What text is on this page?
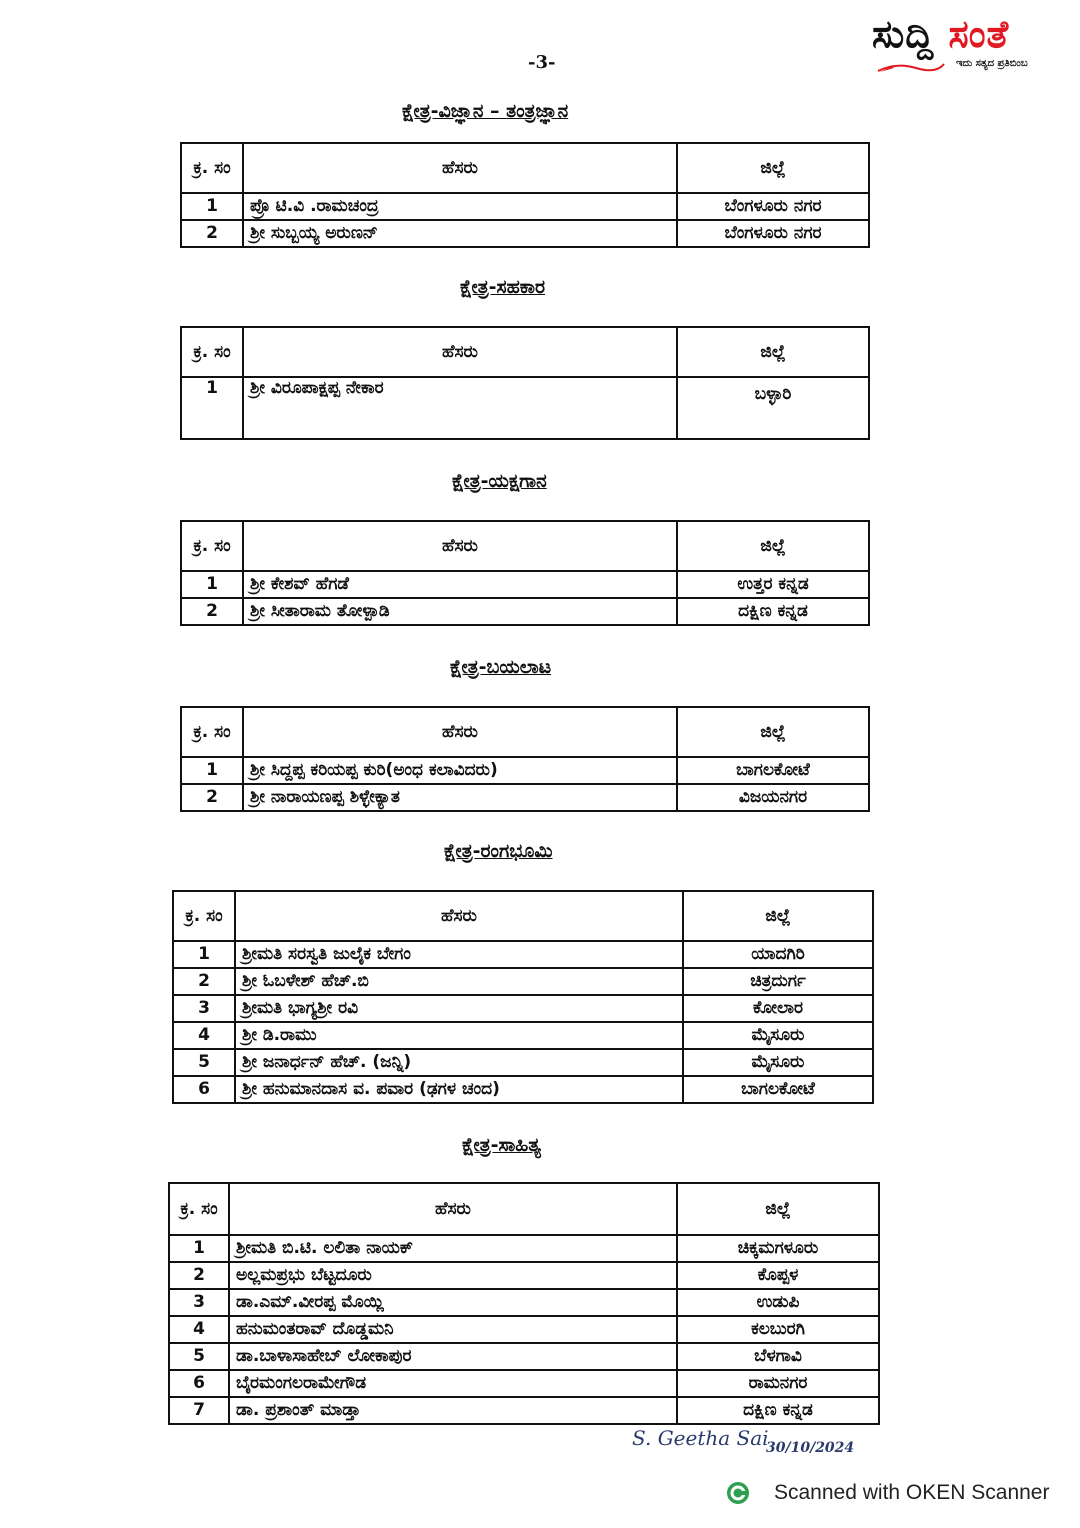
ಸುದ್ದಿ ಸಂತೆ
ಇದು ಸತ್ಯದ ಪ್ರತಿಬಿಂಬ
-3-
ಕ್ಷೇತ್ರ-ವಿಜ್ಞಾನ – ತಂತ್ರಜ್ಞಾನ
ಕ್ರ. ಸಂ	ಹೆಸರು	ಜಿಲ್ಲೆ
1	ಪ್ರೊ ಟಿ.ವಿ .ರಾಮಚಂದ್ರ	ಬೆಂಗಳೂರು ನಗರ
2	ಶ್ರೀ ಸುಬ್ಬಯ್ಯ ಅರುಣನ್	ಬೆಂಗಳೂರು ನಗರ
ಕ್ಷೇತ್ರ-ಸಹಕಾರ
ಕ್ರ. ಸಂ	ಹೆಸರು	ಜಿಲ್ಲೆ
1	ಶ್ರೀ ವಿರೂಪಾಕ್ಷಪ್ಪ ನೇಕಾರ	ಬಳ್ಳಾರಿ
ಕ್ಷೇತ್ರ-ಯಕ್ಷಗಾನ
ಕ್ರ. ಸಂ	ಹೆಸರು	ಜಿಲ್ಲೆ
1	ಶ್ರೀ ಕೇಶವ್ ಹೆಗಡೆ	ಉತ್ತರ ಕನ್ನಡ
2	ಶ್ರೀ ಸೀತಾರಾಮ ತೋಳ್ಪಾಡಿ	ದಕ್ಷಿಣ ಕನ್ನಡ
ಕ್ಷೇತ್ರ-ಬಯಲಾಟ
ಕ್ರ. ಸಂ	ಹೆಸರು	ಜಿಲ್ಲೆ
1	ಶ್ರೀ ಸಿದ್ದಪ್ಪ ಕರಿಯಪ್ಪ ಕುರಿ(ಅಂಧ ಕಲಾವಿದರು)	ಬಾಗಲಕೋಟೆ
2	ಶ್ರೀ ನಾರಾಯಣಪ್ಪ ಶಿಳ್ಳೇಕ್ಯಾತ	ವಿಜಯನಗರ
ಕ್ಷೇತ್ರ-ರಂಗಭೂಮಿ
ಕ್ರ. ಸಂ	ಹೆಸರು	ಜಿಲ್ಲೆ
1	ಶ್ರೀಮತಿ ಸರಸ್ವತಿ ಜುಲೈಕ ಬೇಗಂ	ಯಾದಗಿರಿ
2	ಶ್ರೀ ಓಬಳೇಶ್ ಹೆಚ್.ಬಿ	ಚಿತ್ರದುರ್ಗ
3	ಶ್ರೀಮತಿ ಭಾಗ್ಯಶ್ರೀ ರವಿ	ಕೋಲಾರ
4	ಶ್ರೀ ಡಿ.ರಾಮು	ಮೈಸೂರು
5	ಶ್ರೀ ಜನಾರ್ಧನ್ ಹೆಚ್. (ಜನ್ನಿ)	ಮೈಸೂರು
6	ಶ್ರೀ ಹನುಮಾನದಾಸ ವ. ಪವಾರ (ಢಗಳ ಚಂದ)	ಬಾಗಲಕೋಟೆ
ಕ್ಷೇತ್ರ-ಸಾಹಿತ್ಯ
ಕ್ರ. ಸಂ	ಹೆಸರು	ಜಿಲ್ಲೆ
1	ಶ್ರೀಮತಿ ಬಿ.ಟಿ. ಲಲಿತಾ ನಾಯಕ್	ಚಿಕ್ಕಮಗಳೂರು
2	ಅಲ್ಲಮಪ್ರಭು ಬೆಟ್ಟದೂರು	ಕೊಪ್ಪಳ
3	ಡಾ.ಎಮ್.ವೀರಪ್ಪ ಮೊಯ್ಲಿ	ಉಡುಪಿ
4	ಹನುಮಂತರಾವ್ ದೊಡ್ಡಮನಿ	ಕಲಬುರಗಿ
5	ಡಾ.ಬಾಳಾಸಾಹೇಬ್ ಲೋಕಾಪುರ	ಬೆಳಗಾವಿ
6	ಬೈರಮಂಗಲರಾಮೇಗೌಡ	ರಾಮನಗರ
7	ಡಾ. ಪ್ರಶಾಂತ್ ಮಾಡ್ತಾ	ದಕ್ಷಿಣ ಕನ್ನಡ
S. Geetha Sai
30/10/2024
Scanned with OKEN Scanner
